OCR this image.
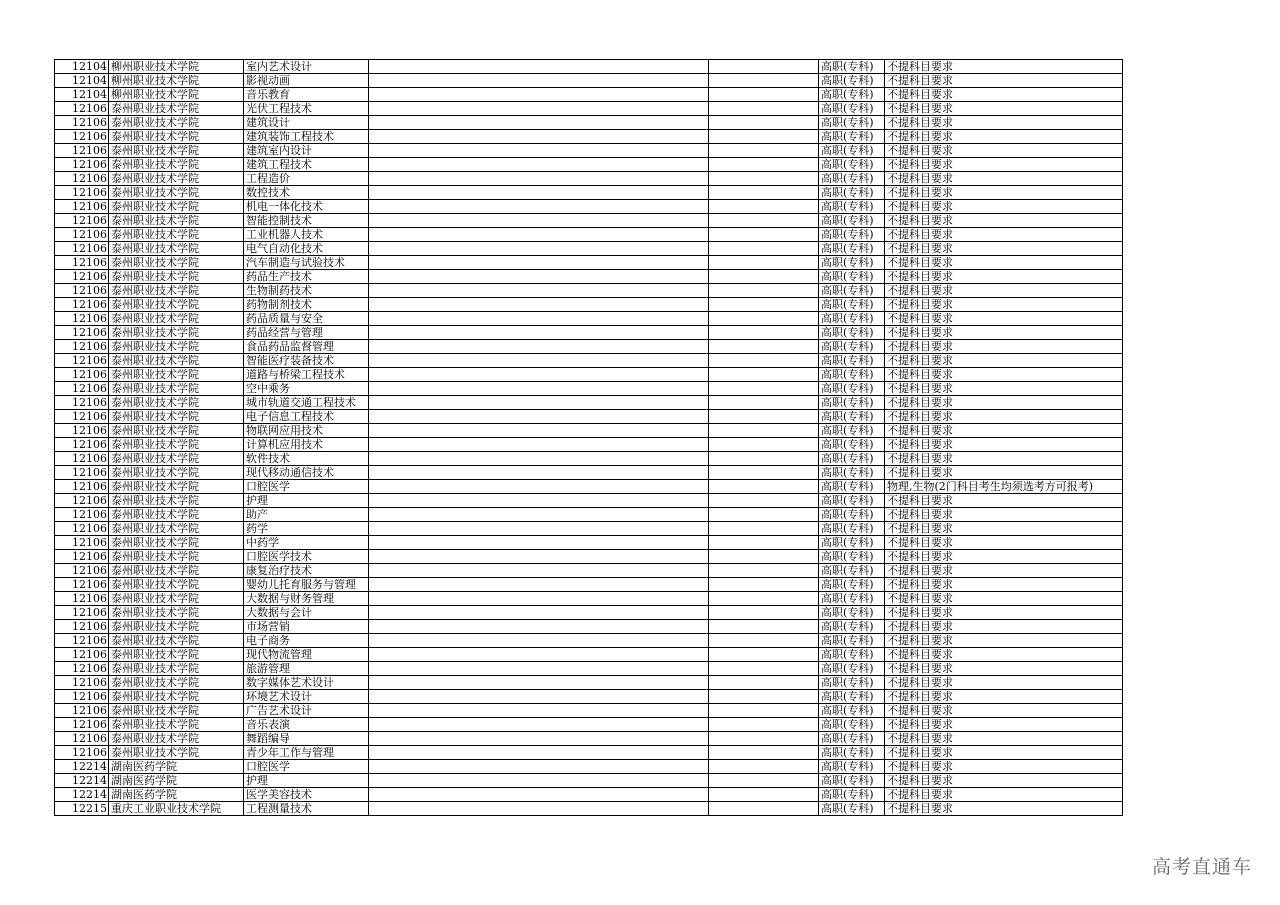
12104	柳州职业技术学院	室内艺术设计			高职(专科)	不提科目要求
12104	柳州职业技术学院	影视动画			高职(专科)	不提科目要求
12104	柳州职业技术学院	音乐教育			高职(专科)	不提科目要求
12106	泰州职业技术学院	光伏工程技术			高职(专科)	不提科目要求
12106	泰州职业技术学院	建筑设计			高职(专科)	不提科目要求
12106	泰州职业技术学院	建筑装饰工程技术			高职(专科)	不提科目要求
12106	泰州职业技术学院	建筑室内设计			高职(专科)	不提科目要求
12106	泰州职业技术学院	建筑工程技术			高职(专科)	不提科目要求
12106	泰州职业技术学院	工程造价			高职(专科)	不提科目要求
12106	泰州职业技术学院	数控技术			高职(专科)	不提科目要求
12106	泰州职业技术学院	机电一体化技术			高职(专科)	不提科目要求
12106	泰州职业技术学院	智能控制技术			高职(专科)	不提科目要求
12106	泰州职业技术学院	工业机器人技术			高职(专科)	不提科目要求
12106	泰州职业技术学院	电气自动化技术			高职(专科)	不提科目要求
12106	泰州职业技术学院	汽车制造与试验技术			高职(专科)	不提科目要求
12106	泰州职业技术学院	药品生产技术			高职(专科)	不提科目要求
12106	泰州职业技术学院	生物制药技术			高职(专科)	不提科目要求
12106	泰州职业技术学院	药物制剂技术			高职(专科)	不提科目要求
12106	泰州职业技术学院	药品质量与安全			高职(专科)	不提科目要求
12106	泰州职业技术学院	药品经营与管理			高职(专科)	不提科目要求
12106	泰州职业技术学院	食品药品监督管理			高职(专科)	不提科目要求
12106	泰州职业技术学院	智能医疗装备技术			高职(专科)	不提科目要求
12106	泰州职业技术学院	道路与桥梁工程技术			高职(专科)	不提科目要求
12106	泰州职业技术学院	空中乘务			高职(专科)	不提科目要求
12106	泰州职业技术学院	城市轨道交通工程技术			高职(专科)	不提科目要求
12106	泰州职业技术学院	电子信息工程技术			高职(专科)	不提科目要求
12106	泰州职业技术学院	物联网应用技术			高职(专科)	不提科目要求
12106	泰州职业技术学院	计算机应用技术			高职(专科)	不提科目要求
12106	泰州职业技术学院	软件技术			高职(专科)	不提科目要求
12106	泰州职业技术学院	现代移动通信技术			高职(专科)	不提科目要求
12106	泰州职业技术学院	口腔医学			高职(专科)	物理,生物(2门科目考生均须选考方可报考)
12106	泰州职业技术学院	护理			高职(专科)	不提科目要求
12106	泰州职业技术学院	助产			高职(专科)	不提科目要求
12106	泰州职业技术学院	药学			高职(专科)	不提科目要求
12106	泰州职业技术学院	中药学			高职(专科)	不提科目要求
12106	泰州职业技术学院	口腔医学技术			高职(专科)	不提科目要求
12106	泰州职业技术学院	康复治疗技术			高职(专科)	不提科目要求
12106	泰州职业技术学院	婴幼儿托育服务与管理			高职(专科)	不提科目要求
12106	泰州职业技术学院	大数据与财务管理			高职(专科)	不提科目要求
12106	泰州职业技术学院	大数据与会计			高职(专科)	不提科目要求
12106	泰州职业技术学院	市场营销			高职(专科)	不提科目要求
12106	泰州职业技术学院	电子商务			高职(专科)	不提科目要求
12106	泰州职业技术学院	现代物流管理			高职(专科)	不提科目要求
12106	泰州职业技术学院	旅游管理			高职(专科)	不提科目要求
12106	泰州职业技术学院	数字媒体艺术设计			高职(专科)	不提科目要求
12106	泰州职业技术学院	环境艺术设计			高职(专科)	不提科目要求
12106	泰州职业技术学院	广告艺术设计			高职(专科)	不提科目要求
12106	泰州职业技术学院	音乐表演			高职(专科)	不提科目要求
12106	泰州职业技术学院	舞蹈编导			高职(专科)	不提科目要求
12106	泰州职业技术学院	青少年工作与管理			高职(专科)	不提科目要求
12214	湖南医药学院	口腔医学			高职(专科)	不提科目要求
12214	湖南医药学院	护理			高职(专科)	不提科目要求
12214	湖南医药学院	医学美容技术			高职(专科)	不提科目要求
12215	重庆工业职业技术学院	工程测量技术			高职(专科)	不提科目要求
高考直通车
